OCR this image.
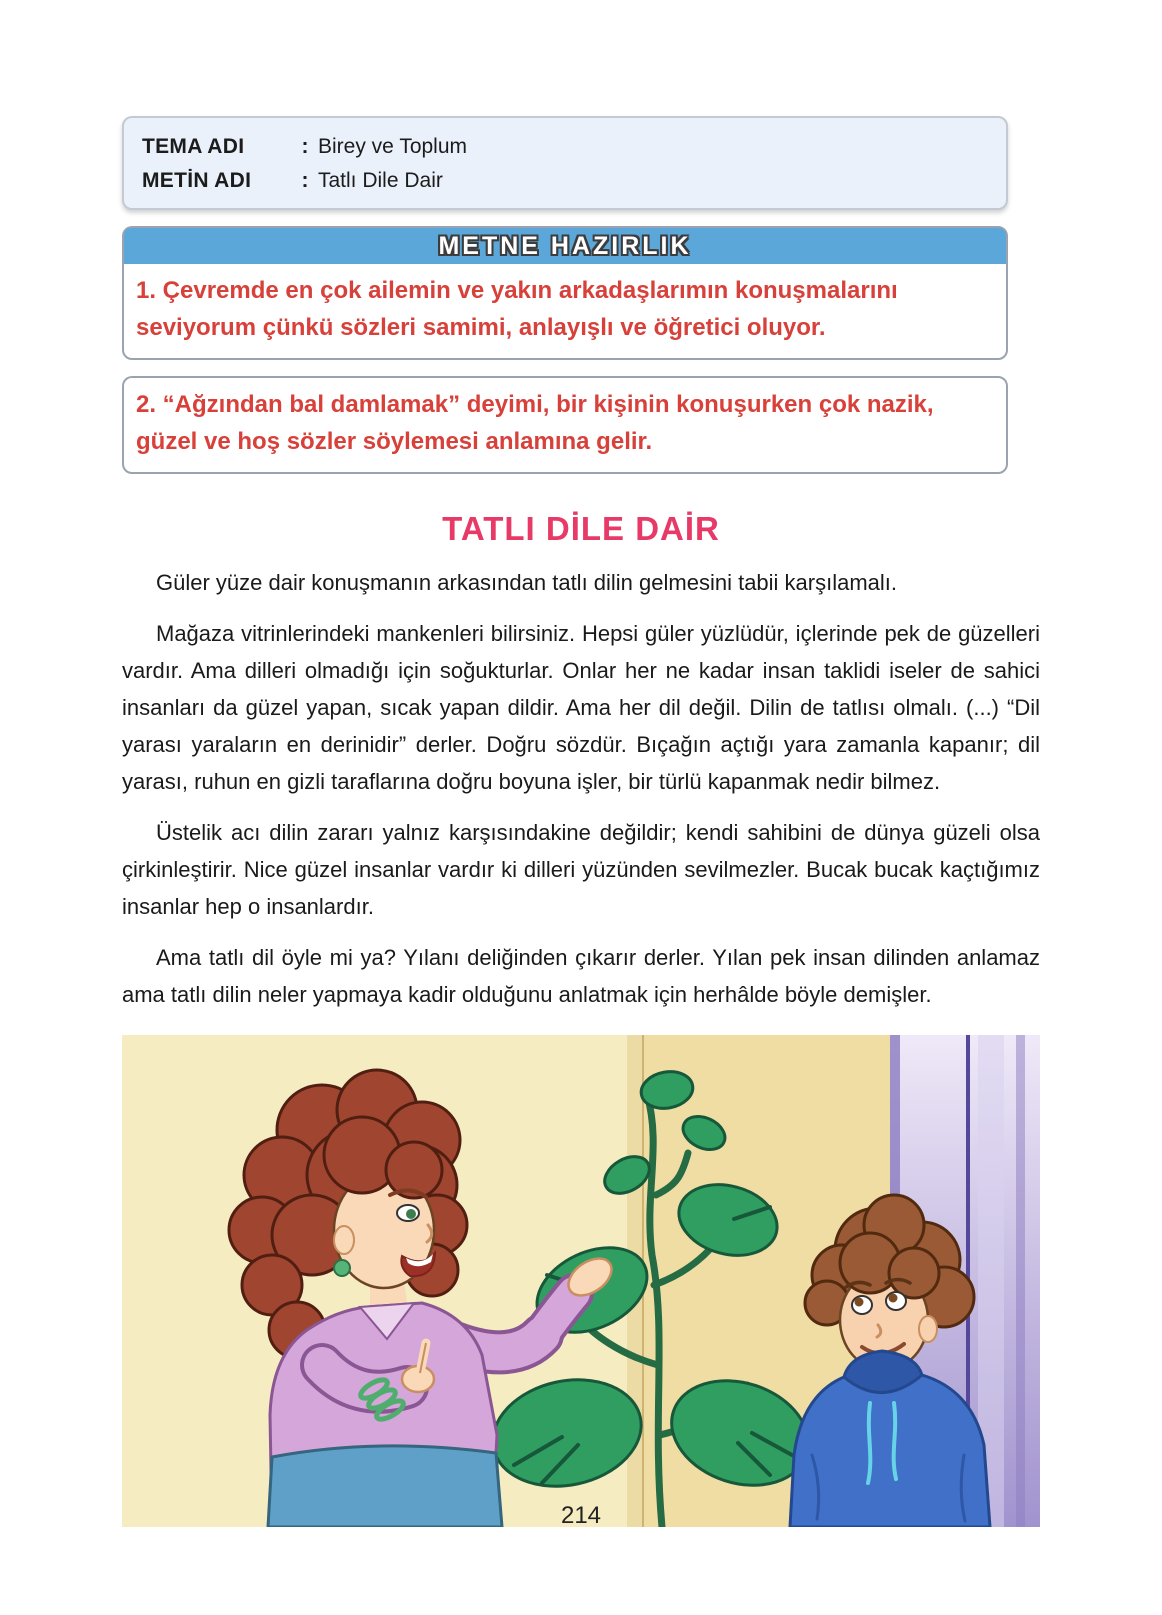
TEMA ADI	: Birey ve Toplum
METİN ADI	: Tatlı Dile Dair
METNE HAZIRLIK
1. Çevremde en çok ailemin ve yakın arkadaşlarımın konuşmalarını seviyorum çünkü sözleri samimi, anlayışlı ve öğretici oluyor.
2. “Ağzından bal damlamak” deyimi, bir kişinin konuşurken çok nazik, güzel ve hoş sözler söylemesi anlamına gelir.
TATLI DİLE DAİR

Güler yüze dair konuşmanın arkasından tatlı dilin gelmesini tabii karşılamalı.

Mağaza vitrinlerindeki mankenleri bilirsiniz. Hepsi güler yüzlüdür, içlerinde pek de güzelleri vardır. Ama dilleri olmadığı için soğukturlar. Onlar her ne kadar insan taklidi iseler de sahici insanları da güzel yapan, sıcak yapan dildir. Ama her dil değil. Dilin de tatlısı olmalı. (...) “Dil yarası yaraların en derinidir” derler. Doğru sözdür. Bıçağın açtığı yara zamanla kapanır; dil yarası, ruhun en gizli taraflarına doğru boyuna işler, bir türlü kapanmak nedir bilmez.

Üstelik acı dilin zararı yalnız karşısındakine değildir; kendi sahibini de dünya güzeli olsa çirkinleştirir. Nice güzel insanlar vardır ki dilleri yüzünden sevilmezler. Bucak bucak kaçtığımız insanlar hep o insanlardır.

Ama tatlı dil öyle mi ya? Yılanı deliğinden çıkarır derler. Yılan pek insan dilinden anlamaz ama tatlı dilin neler yapmaya kadir olduğunu anlatmak için herhâlde böyle demişler.

214
